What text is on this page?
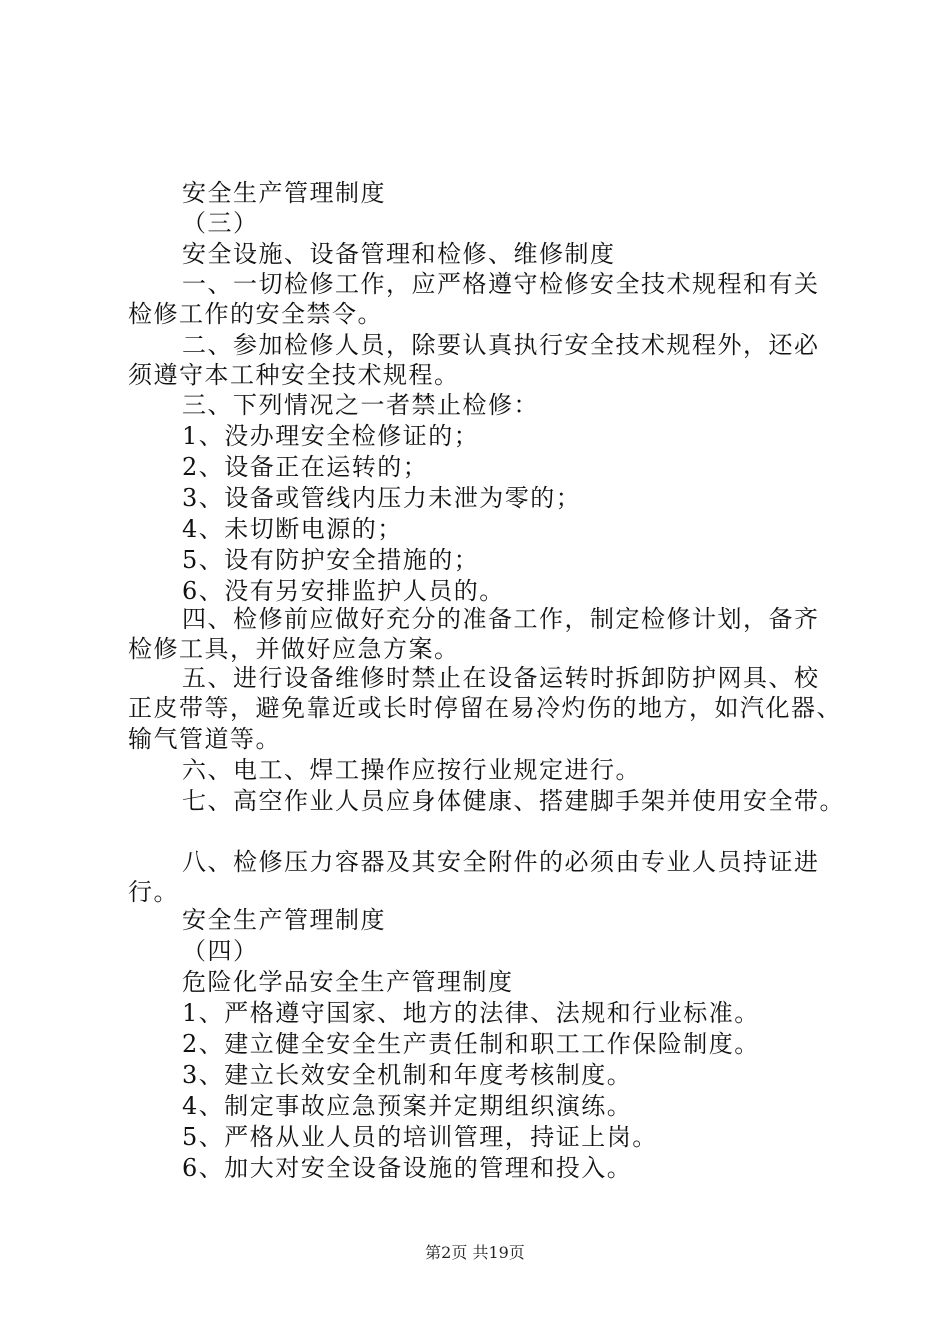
安全生产管理制度
（三）
安全设施、设备管理和检修、维修制度
一、一切检修工作，应严格遵守检修安全技术规程和有关
检修工作的安全禁令。
二、参加检修人员，除要认真执行安全技术规程外，还必
须遵守本工种安全技术规程。
三、下列情况之一者禁止检修：
1、没办理安全检修证的；
2、设备正在运转的；
3、设备或管线内压力未泄为零的；
4、未切断电源的；
5、设有防护安全措施的；
6、没有另安排监护人员的。
四、检修前应做好充分的准备工作，制定检修计划，备齐
检修工具，并做好应急方案。
五、进行设备维修时禁止在设备运转时拆卸防护网具、校
正皮带等，避免靠近或长时停留在易冷灼伤的地方，如汽化器、
输气管道等。
六、电工、焊工操作应按行业规定进行。
七、高空作业人员应身体健康、搭建脚手架并使用安全带。
八、检修压力容器及其安全附件的必须由专业人员持证进
行。
安全生产管理制度
（四）
危险化学品安全生产管理制度
1、严格遵守国家、地方的法律、法规和行业标准。
2、建立健全安全生产责任制和职工工作保险制度。
3、建立长效安全机制和年度考核制度。
4、制定事故应急预案并定期组织演练。
5、严格从业人员的培训管理，持证上岗。
6、加大对安全设备设施的管理和投入。
第2页 共19页
